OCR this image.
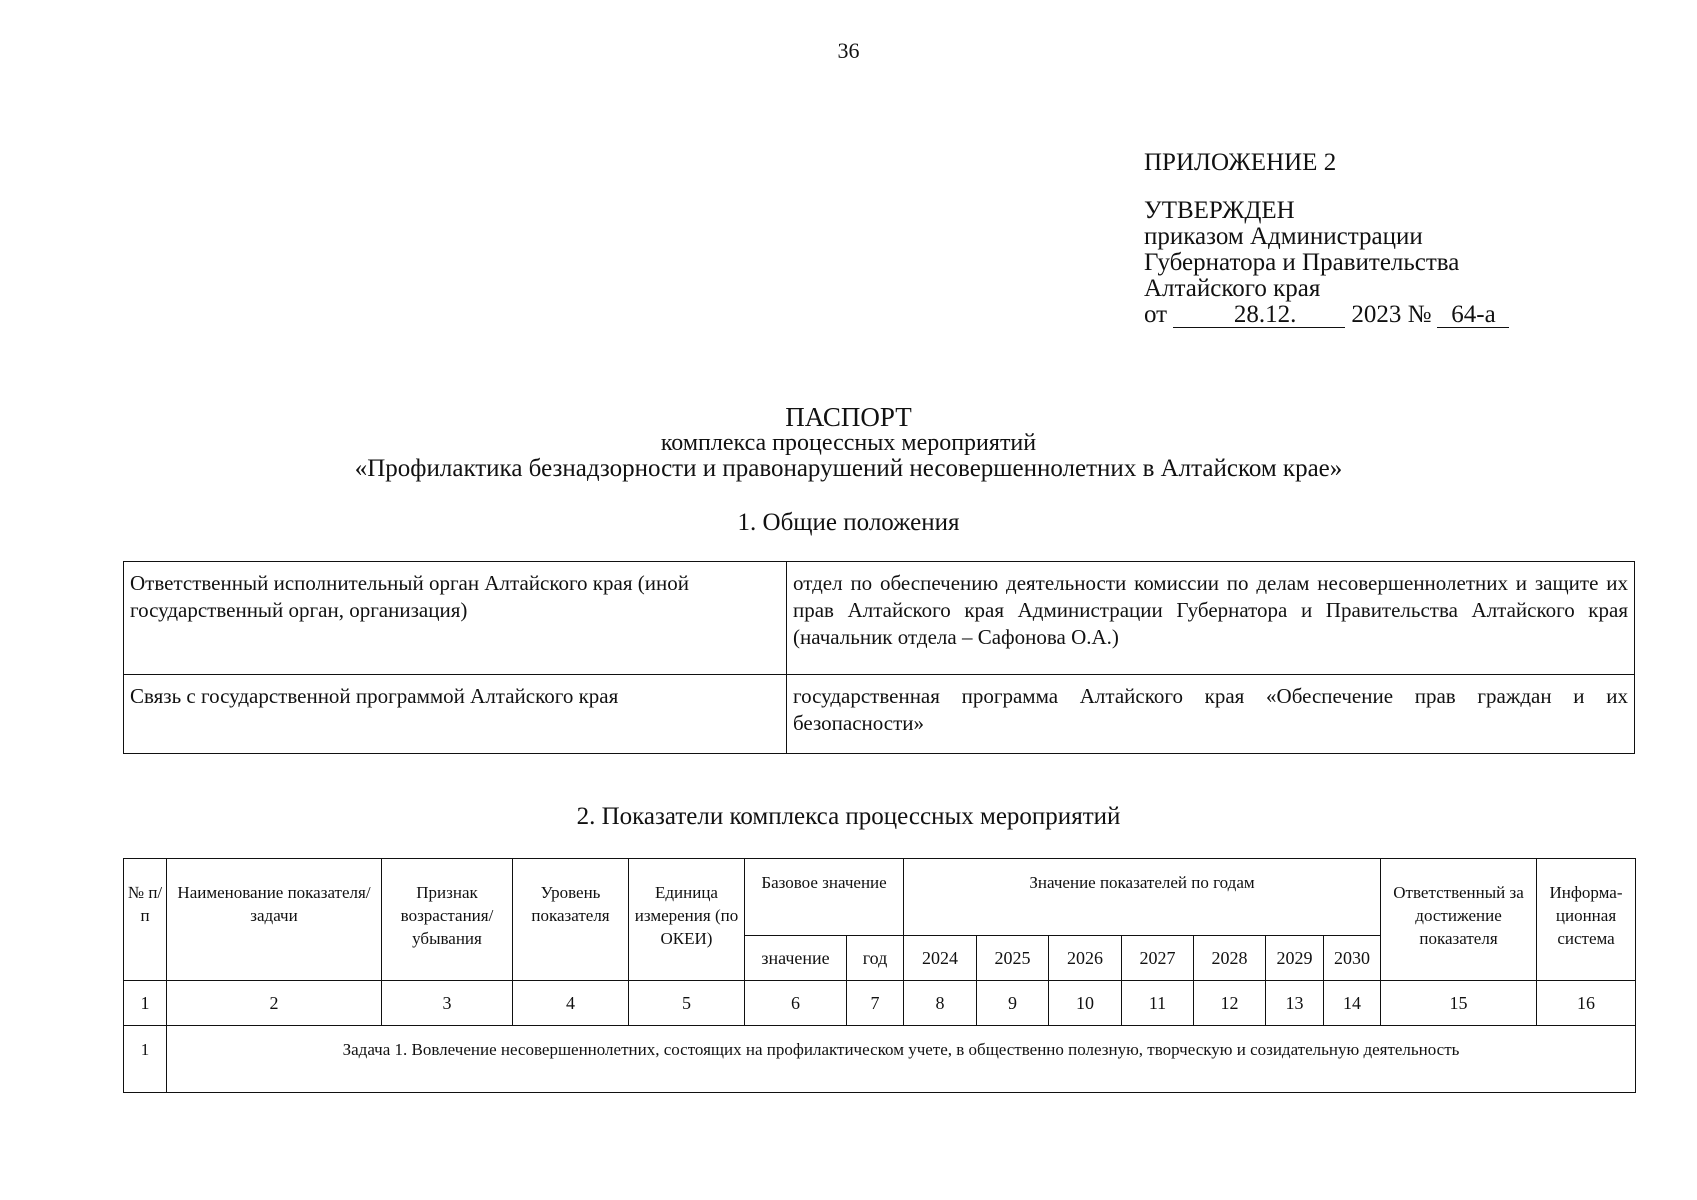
36
ПРИЛОЖЕНИЕ 2
УТВЕРЖДЕН
приказом Администрации
Губернатора и Правительства
Алтайского края
от	28.12. 2023 № 64-а
ПАСПОРТ
комплекса процессных мероприятий
«Профилактика безнадзорности и правонарушений несовершеннолетних в Алтайском крае»
1. Общие положения
Ответственный исполнительный орган Алтайского края (иной государственный орган, организация)	отдел по обеспечению деятельности комиссии по делам несовершеннолетних и защите их прав Алтайского края Администрации Губернатора и Правительства Алтайского края (начальник отдела – Сафонова О.А.)
Связь с государственной программой Алтайского края	государственная программа Алтайского края «Обеспечение прав граждан и их безопасности»
2. Показатели комплекса процессных мероприятий
№ п/п	Наименование показателя/ задачи	Признак возрастания/ убывания	Уровень показателя	Единица измерения (по ОКЕИ)	Базовое значение		Значение показателей по годам							Ответственный за достижение показателя	Информа-ционная система
					значение	год	2024	2025	2026	2027	2028	2029	2030		
1	2	3	4	5	6	7	8	9	10	11	12	13	14	15	16
1	Задача 1. Вовлечение несовершеннолетних, состоящих на профилактическом учете, в общественно полезную, творческую и созидательную деятельность														
